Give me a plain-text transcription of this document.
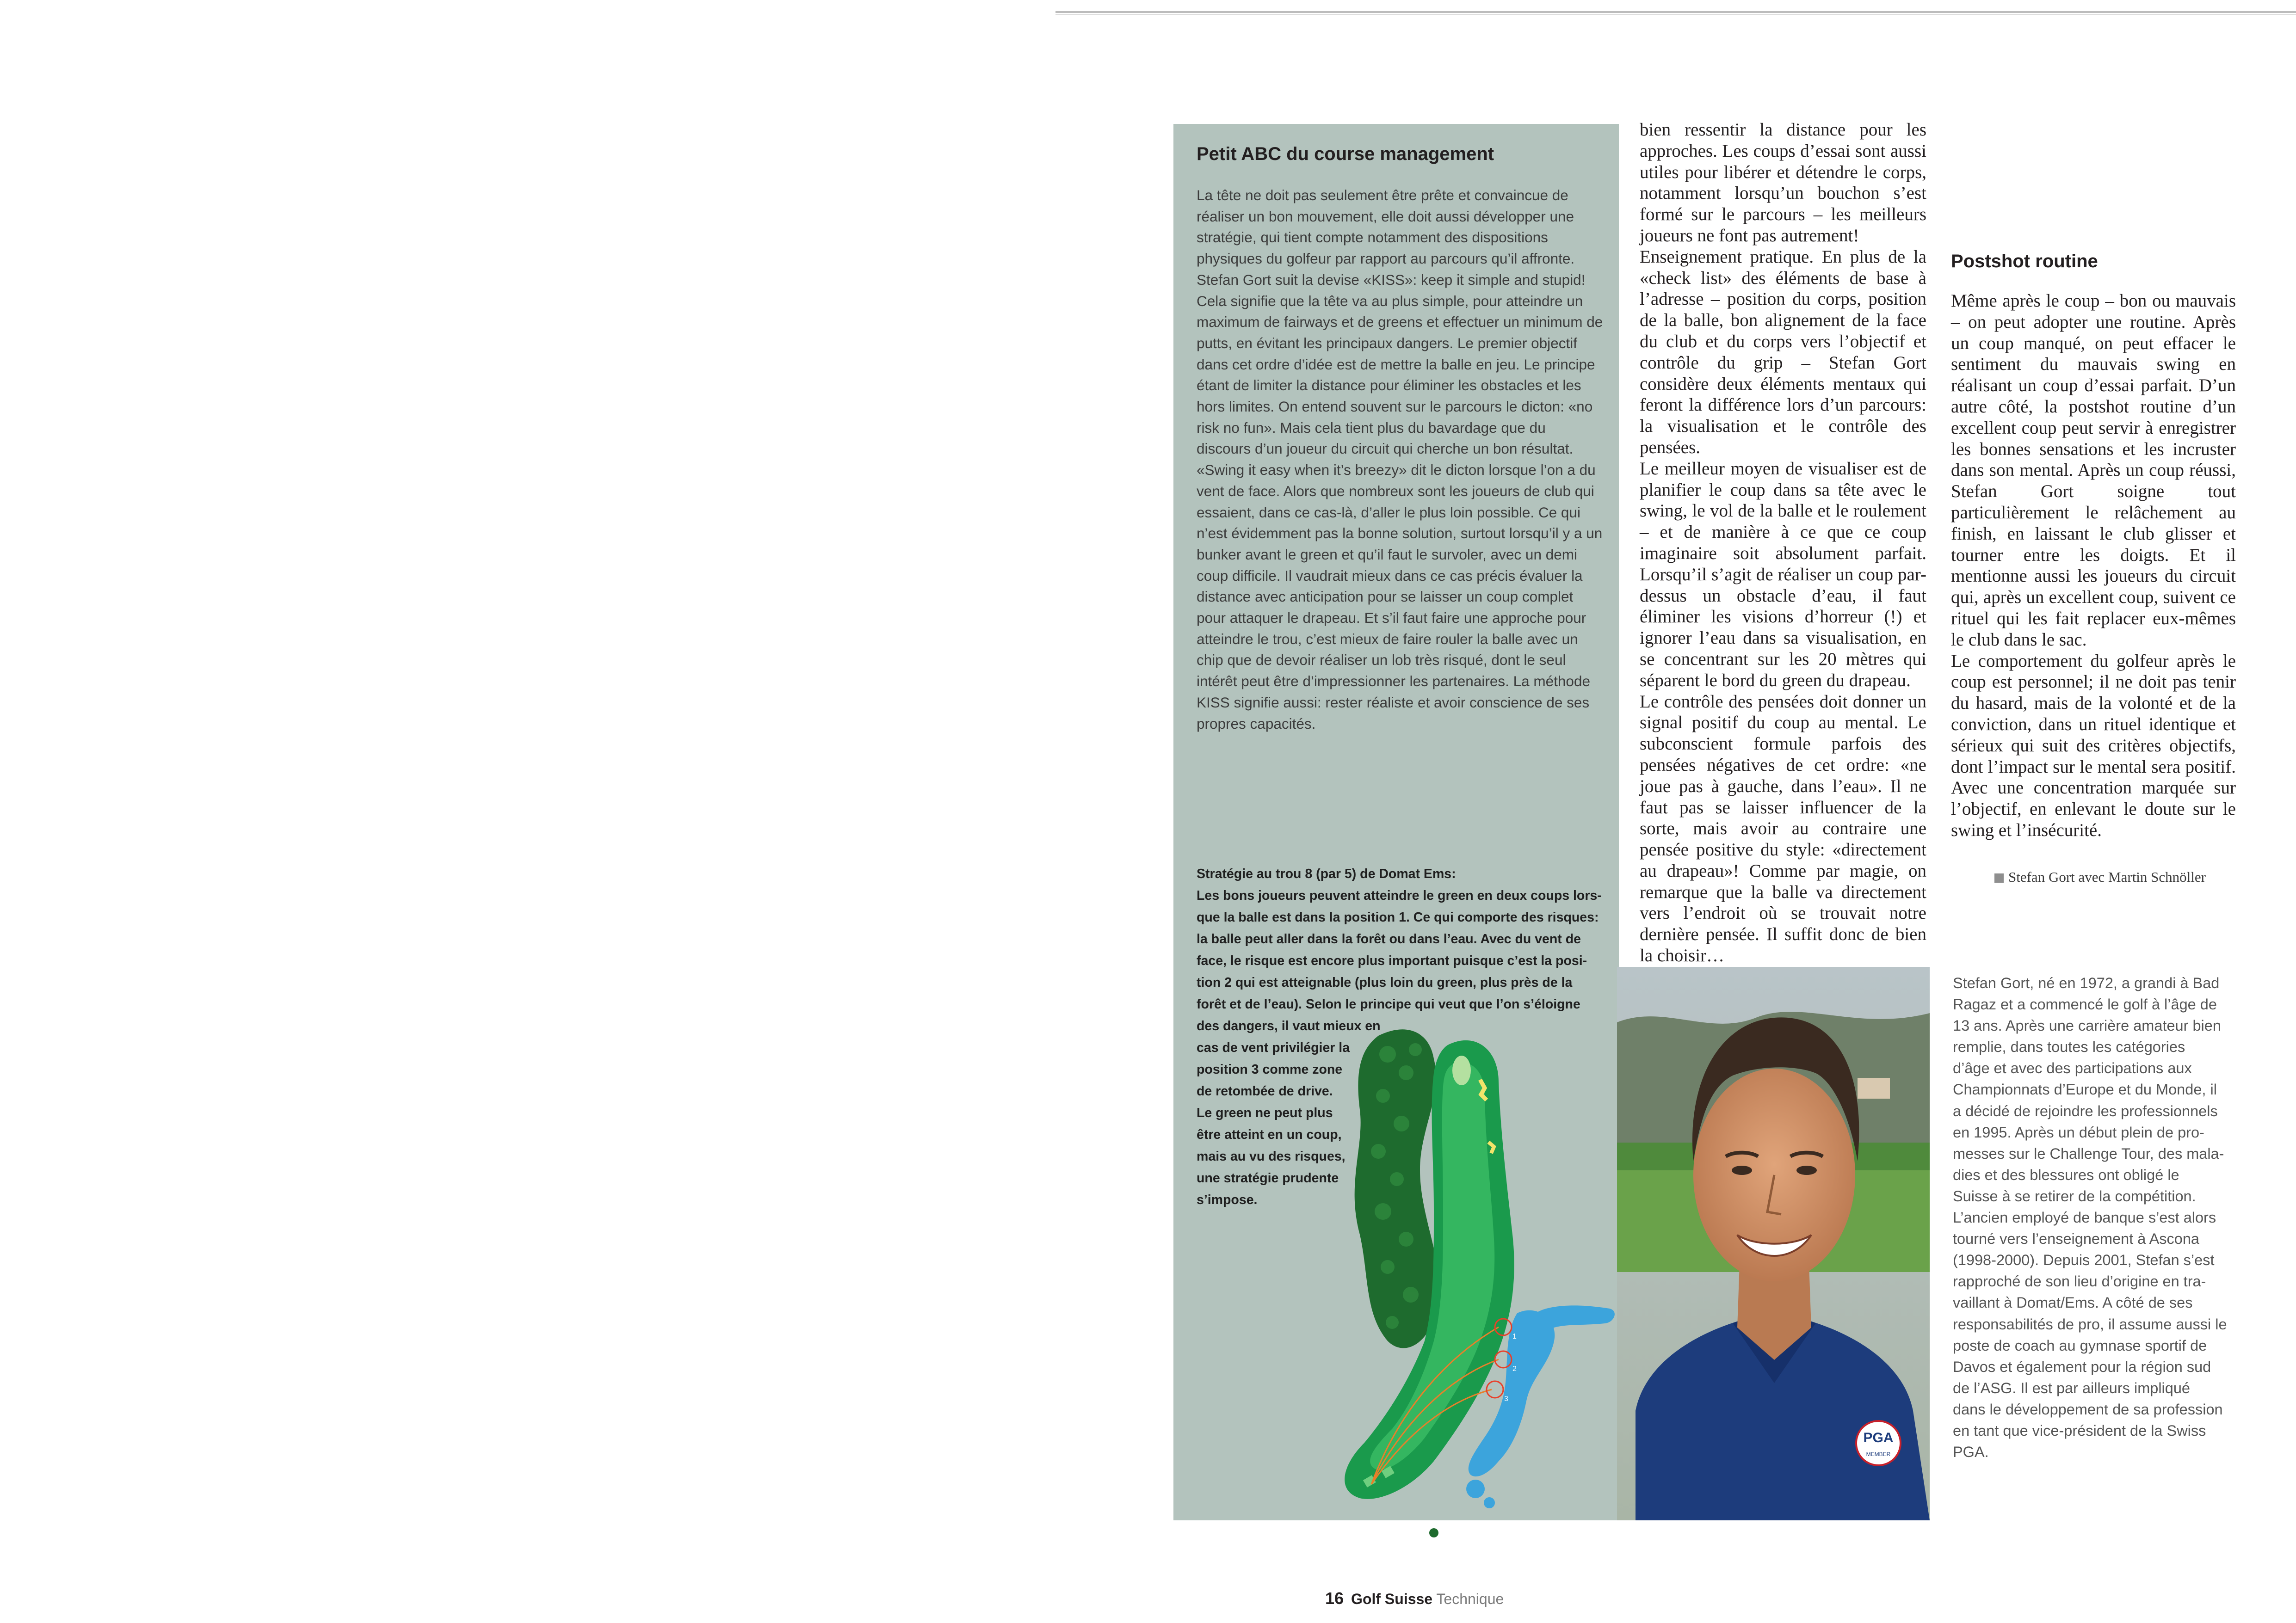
Petit ABC du course management

La tête ne doit pas seulement être prête et convaincue de réaliser un bon mouvement, elle doit aussi développer une stratégie, qui tient compte notamment des dispositions physiques du golfeur par rapport au parcours qu’il affronte. Stefan Gort suit la devise «KISS»: keep it simple and stupid! Cela signifie que la tête va au plus simple, pour atteindre un maximum de fairways et de greens et effectuer un minimum de putts, en évitant les principaux dangers. Le premier objectif dans cet ordre d’idée est de mettre la balle en jeu. Le principe étant de limiter la distance pour éliminer les obstacles et les hors limites. On entend souvent sur le parcours le dicton: «no risk no fun». Mais cela tient plus du bavardage que du discours d’un joueur du circuit qui cherche un bon résultat.

«Swing it easy when it’s breezy» dit le dicton lorsque l’on a du vent de face. Alors que nombreux sont les joueurs de club qui essaient, dans ce cas-là, d’aller le plus loin possible. Ce qui n’est évidemment pas la bonne solution, surtout lorsqu’il y a un bunker avant le green et qu’il faut le survoler, avec un demi coup difficile. Il vaudrait mieux dans ce cas précis évaluer la distance avec anticipation pour se laisser un coup complet pour attaquer le drapeau. Et s’il faut faire une approche pour atteindre le trou, c’est mieux de faire rouler la balle avec un chip que de devoir réaliser un lob très risqué, dont le seul intérêt peut être d’impressionner les partenaires. La méthode KISS signifie aussi: rester réaliste et avoir conscience de ses propres capacités.

Stratégie au trou 8 (par 5) de Domat Ems:
Les bons joueurs peuvent atteindre le green en deux coups lors-
que la balle est dans la position 1. Ce qui comporte des risques:
la balle peut aller dans la forêt ou dans l’eau. Avec du vent de
face, le risque est encore plus important puisque c’est la posi-
tion 2 qui est atteignable (plus loin du green, plus près de la
forêt et de l’eau). Selon le principe qui veut que l’on s’éloigne
des dangers, il vaut mieux en
cas de vent privilégier la
position 3 comme zone
de retombée de drive.
Le green ne peut plus
être atteint en un coup,
mais au vu des risques,
une stratégie prudente
s’impose.
1
2
3

bien ressentir la distance pour les approches. Les coups d’essai sont aussi utiles pour libérer et détendre le corps, notamment lorsqu’un bouchon s’est formé sur le parcours – les meilleurs joueurs ne font pas autrement!

Enseignement pratique. En plus de la «check list» des éléments de base à l’adresse – position du corps, position de la balle, bon alignement de la face du club et du corps vers l’objectif et contrôle du grip – Stefan Gort considère deux éléments mentaux qui feront la différence lors d’un parcours: la visualisation et le contrôle des pensées.

Le meilleur moyen de visualiser est de planifier le coup dans sa tête avec le swing, le vol de la balle et le roulement – et de manière à ce que ce coup imaginaire soit absolument parfait. Lorsqu’il s’agit de réaliser un coup par-dessus un obstacle d’eau, il faut éliminer les visions d’horreur (!) et ignorer l’eau dans sa visualisation, en se concentrant sur les 20 mètres qui séparent le bord du green du drapeau.

Le contrôle des pensées doit donner un signal positif du coup au mental. Le subconscient formule parfois des pensées négatives de cet ordre: «ne joue pas à gauche, dans l’eau». Il ne faut pas se laisser influencer de la sorte, mais avoir au contraire une pensée positive du style: «directement au drapeau»! Comme par magie, on remarque que la balle va directement vers l’endroit où se trouvait notre dernière pensée. Il suffit donc de bien la choisir…

Postshot routine

Même après le coup – bon ou mauvais – on peut adopter une routine. Après un coup manqué, on peut effacer le sentiment du mauvais swing en réalisant un coup d’essai parfait. D’un autre côté, la postshot routine d’un excellent coup peut servir à enregistrer les bonnes sensations et les incruster dans son mental. Après un coup réussi, Stefan Gort soigne tout particulièrement le relâchement au finish, en laissant le club glisser et tourner entre les doigts. Et il mentionne aussi les joueurs du circuit qui, après un excellent coup, suivent ce rituel qui les fait replacer eux-mêmes le club dans le sac.

Le comportement du golfeur après le coup est personnel; il ne doit pas tenir du hasard, mais de la volonté et de la conviction, dans un rituel identique et sérieux qui suit des critères objectifs, dont l’impact sur le mental sera positif. Avec une concentration marquée sur l’objectif, en enlevant le doute sur le swing et l’insécurité.

Stefan Gort avec Martin Schnöller
PGA
MEMBER
Stefan Gort, né en 1972, a grandi à Bad
Ragaz et a commencé le golf à l’âge de
13 ans. Après une carrière amateur bien
remplie, dans toutes les catégories
d’âge et avec des participations aux
Championnats d’Europe et du Monde, il
a décidé de rejoindre les professionnels
en 1995. Après un début plein de pro-
messes sur le Challenge Tour, des mala-
dies et des blessures ont obligé le
Suisse à se retirer de la compétition.
L’ancien employé de banque s’est alors
tourné vers l’enseignement à Ascona
(1998-2000). Depuis 2001, Stefan s’est
rapproché de son lieu d’origine en tra-
vaillant à Domat/Ems. A côté de ses
responsabilités de pro, il assume aussi le
poste de coach au gymnase sportif de
Davos et également pour la région sud
de l’ASG. Il est par ailleurs impliqué
dans le développement de sa profession
en tant que vice-président de la Swiss
PGA.
16 Golf Suisse Technique
